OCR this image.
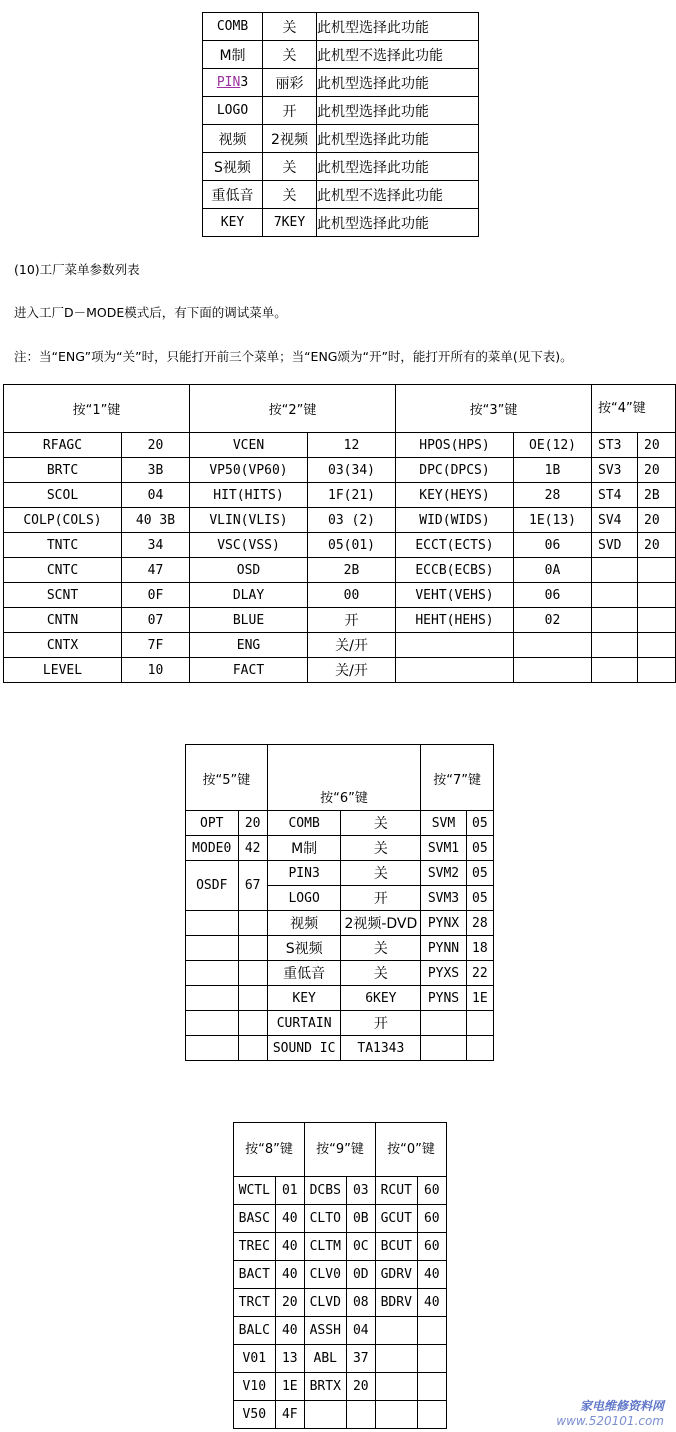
COMB	关	此机型选择此功能
M制	关	此机型不选择此功能
PIN3	丽彩	此机型选择此功能
LOGO	开	此机型选择此功能
视频	2视频	此机型选择此功能
S视频	关	此机型选择此功能
重低音	关	此机型不选择此功能
KEY	7KEY	此机型选择此功能

(10)工厂菜单参数列表

进入工厂D－MODE模式后，有下面的调试菜单。

注：当“ENG”项为“关”时，只能打开前三个菜单；当“ENG颂为“开”时，能打开所有的菜单(见下表)。

按“1”键		按“2”键		按“3”键		按“4”键	
RFAGC	20	VCEN	12	HPOS(HPS)	OE(12)	ST3	20
BRTC	3B	VP50(VP60)	03(34)	DPC(DPCS)	1B	SV3	20
SCOL	04	HIT(HITS)	1F(21)	KEY(HEYS)	28	ST4	2B
COLP(COLS)	40 3B	VLIN(VLIS)	03 (2)	WID(WIDS)	1E(13)	SV4	20
TNTC	34	VSC(VSS)	05(01)	ECCT(ECTS)	06	SVD	20
CNTC	47	OSD	2B	ECCB(ECBS)	0A		
SCNT	0F	DLAY	00	VEHT(VEHS)	06		
CNTN	07	BLUE	开	HEHT(HEHS)	02		
CNTX	7F	ENG	关/开				
LEVEL	10	FACT	关/开				
按“5”键		按“6”键		按“7”键	
OPT	20	COMB	关	SVM	05
MODE0	42	M制	关	SVM1	05
OSDF	67	PIN3	关	SVM2	05
		LOGO	开	SVM3	05
		视频	2视频-DVD	PYNX	28
		S视频	关	PYNN	18
		重低音	关	PYXS	22
		KEY	6KEY	PYNS	1E
		CURTAIN	开		
		SOUND IC	TA1343		
按“8”键		按“9”键		按“0”键	
WCTL	01	DCBS	03	RCUT	60
BASC	40	CLTO	0B	GCUT	60
TREC	40	CLTM	0C	BCUT	60
BACT	40	CLV0	0D	GDRV	40
TRCT	20	CLVD	08	BDRV	40
BALC	40	ASSH	04		
V01	13	ABL	37		
V10	1E	BRTX	20		
V50	4F				
家电维修资料网
www.520101.com
